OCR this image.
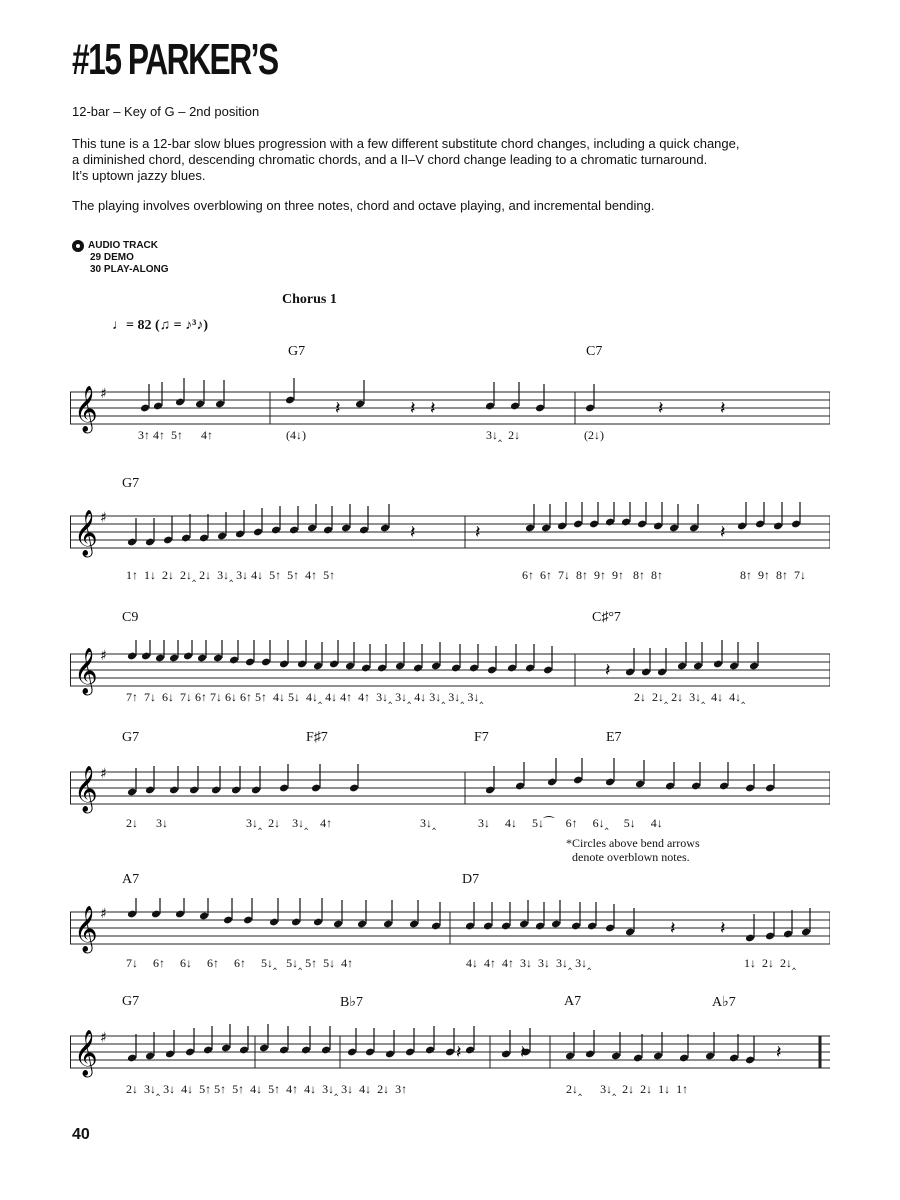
#15 PARKER’S

12-bar – Key of G – 2nd position

This tune is a 12-bar slow blues progression with a few different substitute chord changes, including a quick change,

a diminished chord, descending chromatic chords, and a II–V chord change leading to a chromatic turnaround.

It’s uptown jazzy blues.

The playing involves overblowing on three notes, chord and octave playing, and incremental bending.

AUDIO TRACK
29 DEMO
30 PLAY-ALONG
Chorus 1
♩= 82 (♫ = ♪³♪)
G7	C7
𝄞 ♯
𝄽	𝄽 𝄽	𝄽	𝄽
3↑ 4↑  5↑      4↑	(4↓)	3↓‸  2↓	(2↓)
G7
𝄞 ♯
𝄽	𝄽	𝄽
1↑  1↓  2↓  2↓‸ 2↓  3↓‸ 3↓ 4↓  5↑  5↑  4↑  5↑	6↑  6↑  7↓  8↑  9↑  9↑   8↑  8↑	8↑  9↑  8↑  7↓
C9	C♯°7
𝄞 ♯
𝄽
7↑  7↓  6↓  7↓ 6↑ 7↓ 6↓ 6↑ 5↑  4↓ 5↓  4↓‸ 4↓ 4↑  4↑  3↓‸ 3↓‸ 4↓ 3↓‸ 3↓‸ 3↓‸	2↓  2↓‸ 2↓  3↓‸  4↓  4↓‸
G7	F♯7	F7	E7
𝄞 ♯
2↓      3↓	3↓‸  2↓    3↓‸    4↑	3↓‸	3↓     4↓     5↓⁀    6↑     6↓‸     5↓     4↓
*Circles above bend arrows
denote overblown notes.
A7	D7
𝄞 ♯
𝄽 𝄽
7↓     6↑     6↓     6↑     6↑     5↓‸   5↓‸ 5↑  5↓  4↑	4↓  4↑  4↑  3↓  3↓  3↓‸ 3↓‸	1↓  2↓  2↓‸
G7	B♭7	A7	A♭7
𝄞 ♯
𝄽	𝄽	𝄽
2↓  3↓‸ 3↓  4↓  5↑ 5↑  5↑  4↓  5↑  4↑  4↓  3↓‸ 3↓  4↓  2↓  3↑	2↓‸      3↓‸  2↓  2↓  1↓  1↑
40
